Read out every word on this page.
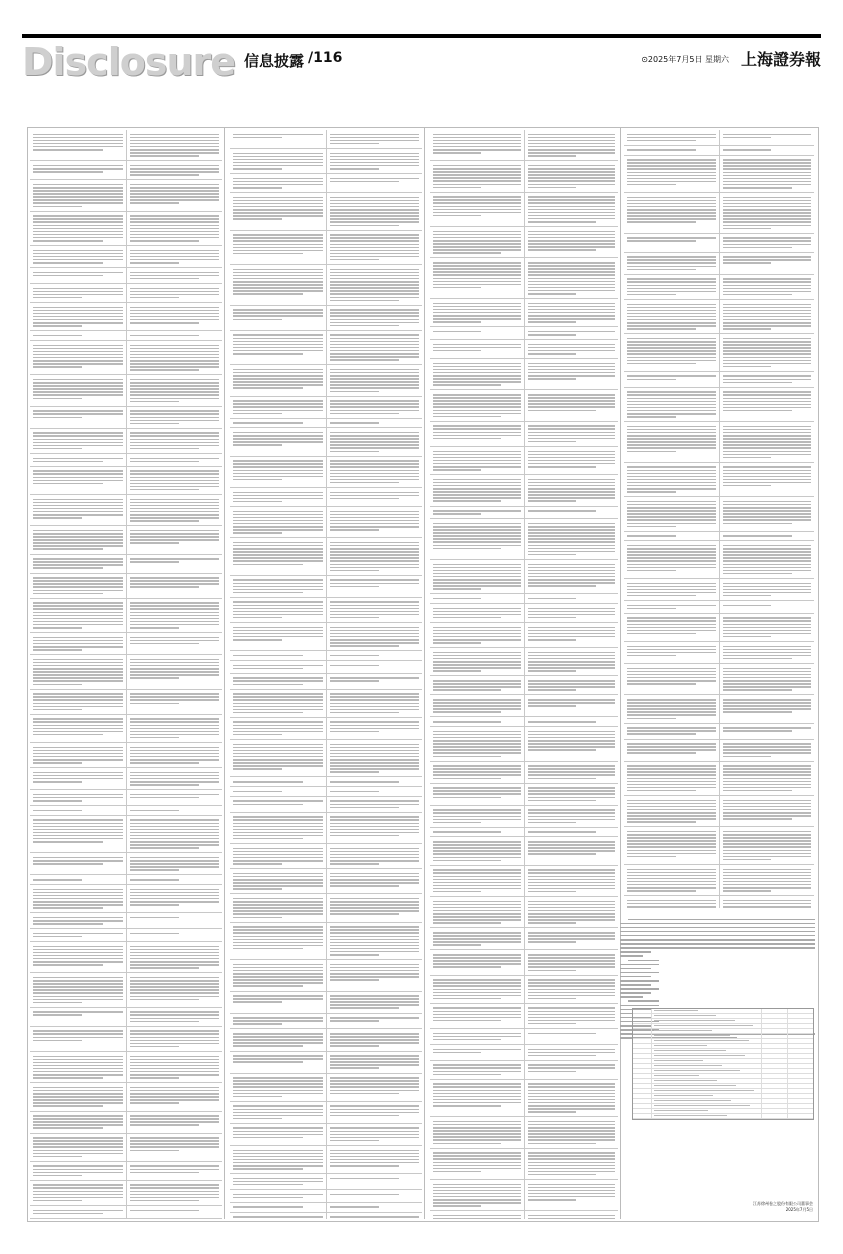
Disclosure 信息披露 /116	⊙2025年7月5日 星期六 上海證券報
江苏徐州卷之股份有限公司董事会
2025年7月5日
